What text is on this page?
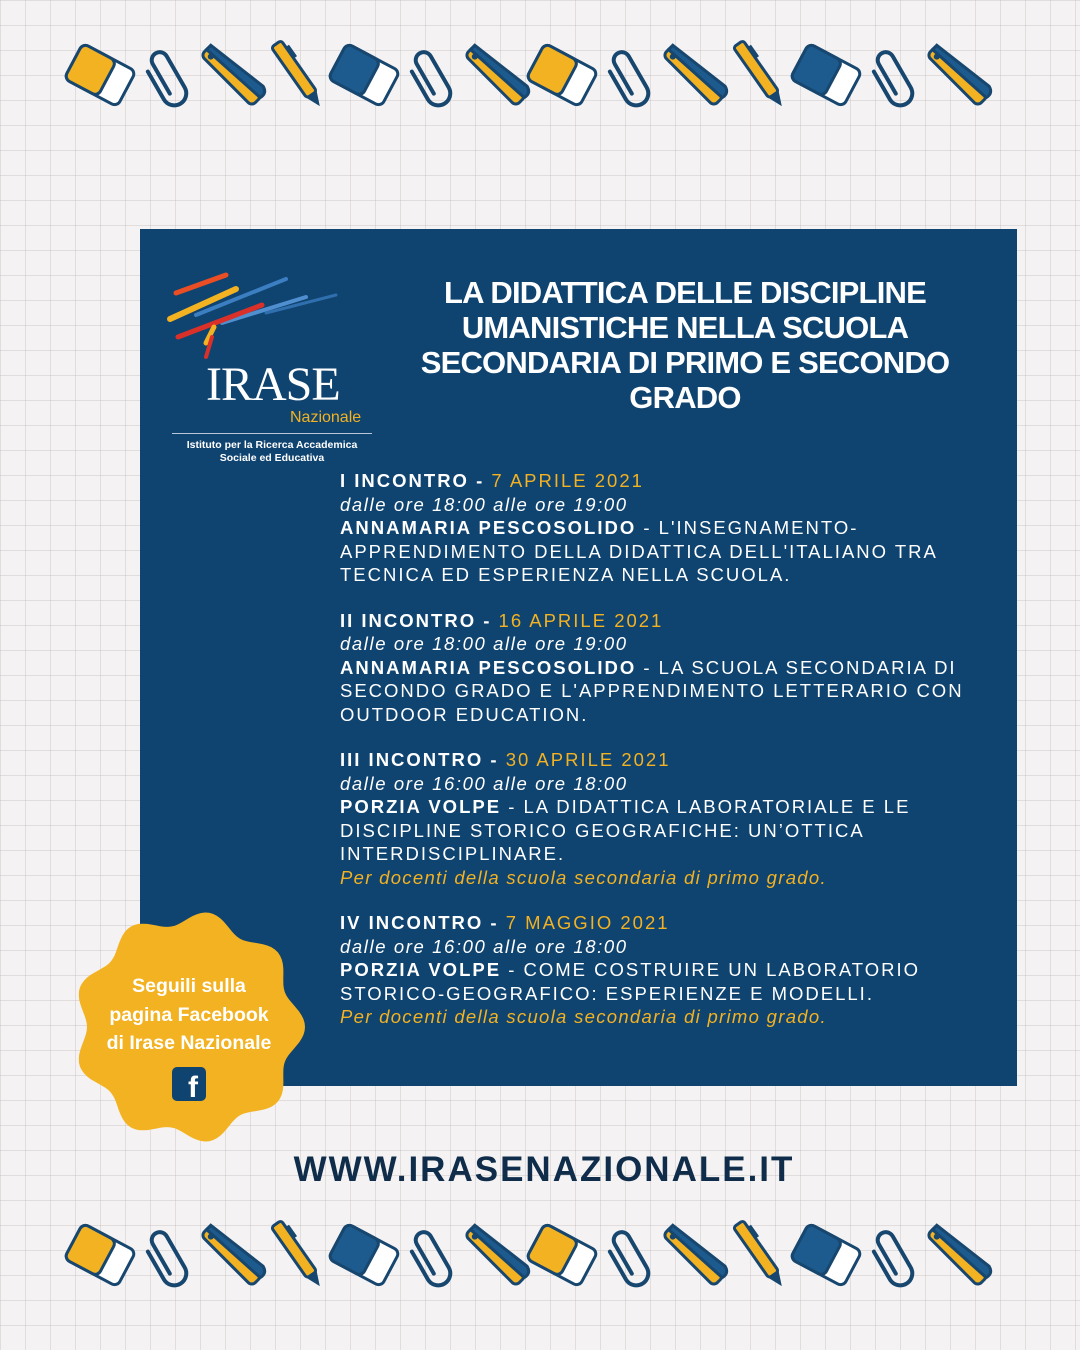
IRASE
Nazionale
Istituto per la Ricerca Accademica
Sociale ed Educativa
LA DIDATTICA DELLE DISCIPLINE UMANISTICHE NELLA SCUOLA SECONDARIA DI PRIMO E SECONDO GRADO
I INCONTRO - 7 APRILE 2021
dalle ore 18:00 alle ore 19:00
ANNAMARIA PESCOSOLIDO - L'INSEGNAMENTO-APPRENDIMENTO DELLA DIDATTICA DELL'ITALIANO TRA TECNICA ED ESPERIENZA NELLA SCUOLA.
II INCONTRO - 16 APRILE 2021
dalle ore 18:00 alle ore 19:00
ANNAMARIA PESCOSOLIDO - LA SCUOLA SECONDARIA DI SECONDO GRADO E L'APPRENDIMENTO LETTERARIO CON OUTDOOR EDUCATION.
III INCONTRO - 30 APRILE 2021
dalle ore 16:00 alle ore 18:00
PORZIA VOLPE - LA DIDATTICA LABORATORIALE E LE DISCIPLINE STORICO GEOGRAFICHE: UN’OTTICA INTERDISCIPLINARE.
Per docenti della scuola secondaria di primo grado.
IV INCONTRO - 7 MAGGIO 2021
dalle ore 16:00 alle ore 18:00
PORZIA VOLPE - COME COSTRUIRE UN LABORATORIO STORICO-GEOGRAFICO: ESPERIENZE E MODELLI.
Per docenti della scuola secondaria di primo grado.
Seguili sulla
pagina Facebook
di Irase Nazionale
f
WWW.IRASENAZIONALE.IT
